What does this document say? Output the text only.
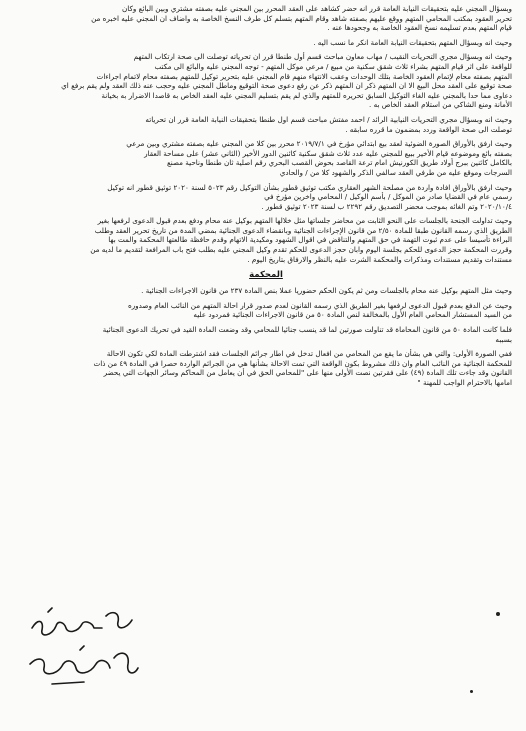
وبسؤال المجني عليه بتحقيقات النيابة العامة قرر انه حضر كشاهد على العقد المحرر بين المجني عليه بصفته مشتري وبين البائع وكان
تحرير العقود بمكتب المحامي المتهم ووقع عليهم بصفته شاهد وقام المتهم بتسلم كل طرف النسخ الخاصة به واضاف ان المجني عليه اخبره من
قيام المتهم بعدم تسليمه نسخ العقود الخاصة به وجحودها عنه .
وحيث انه وبسؤال المتهم بتحقيقات النيابة العامة انكر ما نسب اليه .
وحيث انه وبسؤال مجري التحريات النقيب / مهاب معاون مباحث قسم أول طنطا قرر ان تحرياته توصلت الى صحة ارتكاب المتهم
للواقعة على اثر قيام المتهم بشراء ثلاث شقق سكنية من مبيع / مرعي موكل المتهم - توجه المجني عليه والبائع الى مكتب
المتهم بصفته محام لإتمام العقود الخاصة بتلك الوحدات وعقب الانتهاء منهم قام المجني عليه بتحرير توكيل للمتهم بصفته محام لاتمام اجراءات
صحة توقيع على العقد محل البيع الا ان المتهم ذكر ان المتهم ذكر عن رفع دعوى صحة التوقيع وماطل المجني عليه وحجب عنه ذلك العقد ولم يقم برفع اي
دعاوى مما حدا بالمجني عليه الغاء التوكيل السابق تحريره للمتهم والذي لم يقم بتسليم المجني عليه العقد الخاص به قاصدا الاضرار به بخيانة
الأمانة ومنع الشاكي من استلام العقد الخاص به .
وحيث انه وبسؤال مجري التحريات النيابية الرائد / احمد مفتش مباحث قسم اول طنطا بتحقيقات النيابة العامة قرر ان تحرياته
توصلت الى صحة الواقعة وردد بمضمون ما قرره سابقه .
وحيث ارفق بالأوراق الصورة الضوئية لعقد بيع ابتدائي مؤرخ في ٢٠١٩/٧/١ محرر بين كلا من المجني عليه بصفته مشتري وبين مرعي
بصفته بائع وموضوعه قيام الأخير ببيع للمجني عليه عدد ثلاث شقق سكنية كائنين الدور الأخير (الثاني عشر) على مساحة العقار
بالكامل كائنين ببرج أولاد طريق الكورنيش امام ترعة القاصد بحوض القصب البحري رقم اصلية ثان طنطا وناحية مصنع
السرجات وموقع عليه من طرفي العقد سالفي الذكر والشهود كلا من / والحادي
وحيث ارفق بالأوراق افادة واردة من مصلحة الشهر العقاري مكتب توثيق قطور بشأن التوكيل رقم ٥٠٢٣ لسنة ٢٠٢٠ توثيق قطور انه توكيل
رسمي عام في القضايا صادر من الموكل / بأسم الوكيل / المحامي واخرين مؤرخ في
٢٠٢٠/١٠/٤ وتم الغائه بموجب محضر التصديق رقم ٢٢٩٢ ب لسنة ٢٠٢٣ توثيق قطور .
وحيث تداولت الجنحة بالجلسات على النحو الثابت من محاضر جلساتها مثل خلالها المتهم بوكيل عنه محام ودفع بعدم قبول الدعوى لرفعها بغير
الطريق الذي رسمه القانون طبقا للمادة ٢/٥٠ من قانون الإجراءات الجنائية وبانقضاء الدعوى الجنائية بمضي المدة من تاريخ تحرير العقد وطلب
البراءة تأسيسا على عدم ثبوت التهمة في حق المتهم والتناقض في اقوال الشهود ومكيدية الاتهام وقدم حافظة طالعتها المحكمة والمت بها
وقررت المحكمة حجز الدعوى للحكم بجلسة اليوم وابان حجز الدعوى للحكم تقدم وكيل المجني عليه بطلب فتح باب المرافعة لتقديم ما لديه من
مستندات وتقديم مستندات ومذكرات والمحكمة الشرت عليه بالنظر والارفاق بتاريخ اليوم .
المحكمة
وحيث مثل المتهم بوكيل عنه محام بالجلسات ومن ثم يكون الحكم حضوريا عملا بنص المادة ٢٣٧ من قانون الاجراءات الجنائية .
وحيث عن الدفع بعدم قبول الدعوى لرفعها بغير الطريق الذي رسمه القانون لعدم صدور قرار احالة المتهم من النائب العام وصدوره
من السيد المستشار المحامي العام الأول بالمخالفة لنص المادة ٥٠ من قانون الاجراءات الجنائية فمردود عليه
فلما كانت المادة ٥٠ من قانون المحاماة قد تناولت صورتين لما قد ينسب جنائيا للمحامي وقد وضعت المادة القيد في تحريك الدعوى الجنائية
بسببه
ففي الصورة الأولى: والتي هي بشأن ما يقع من المحامي من افعال تدخل في اطار جرائم الجلسات فقد اشترطت المادة لكي تكون الاحالة
للمحكمة الجنائية من النائب العام وان ذلك مشروط بكون الواقعة التي تمت الاحالة بشأنها هي من الجرائم الواردة حصرا في المادة ٤٩ من ذات
القانون وقد جاءت تلك المادة (٤٩) على فقرتين نصت الأولى منها على "للمحامي الحق في أن يعامل من المحاكم وسائر الجهات التي يحضر
امامها بالاحترام الواجب للمهنة "
